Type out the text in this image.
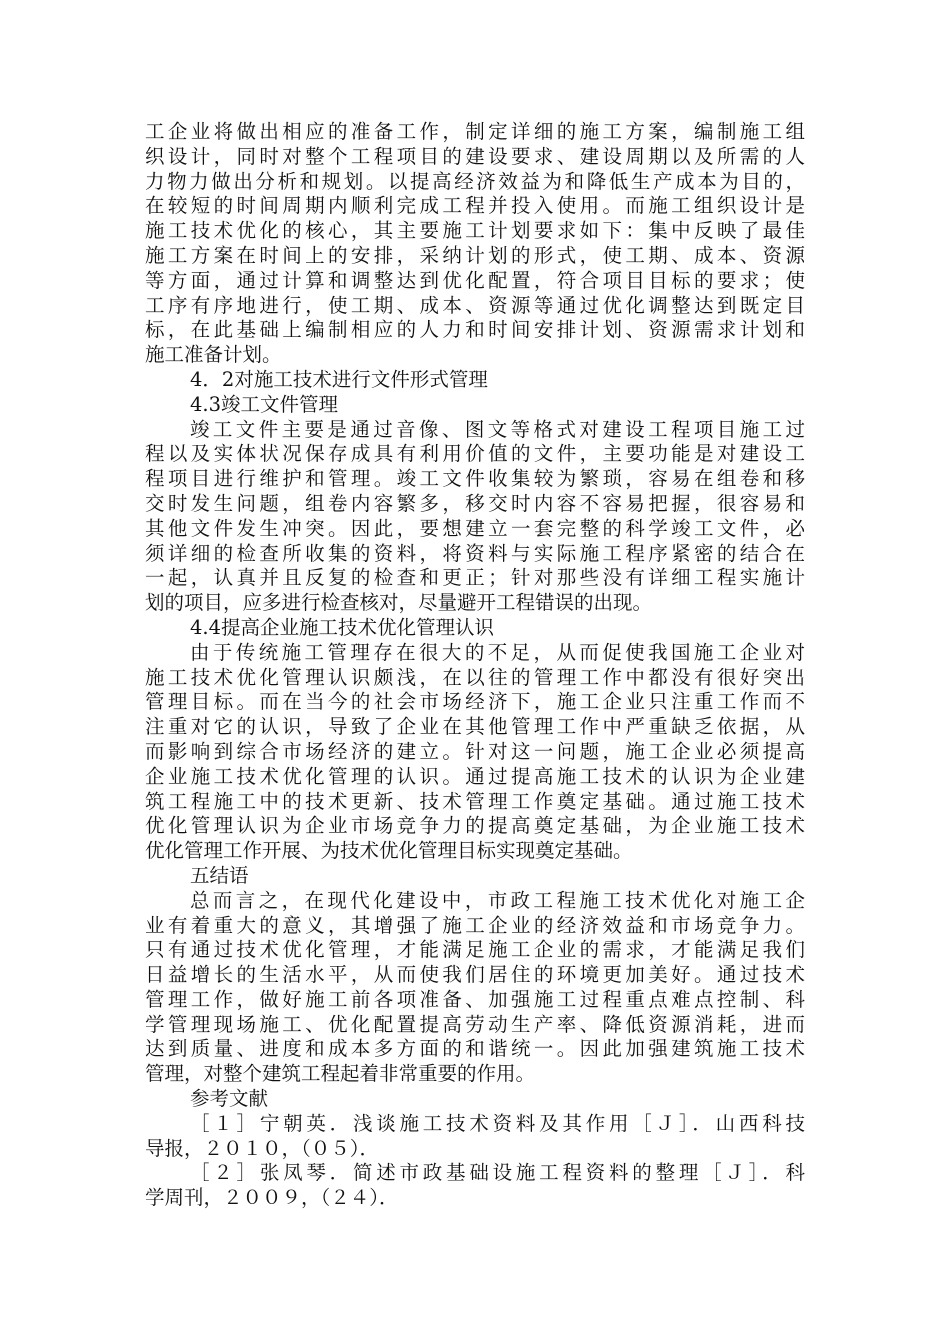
工企业将做出相应的准备工作，制定详细的施工方案，编制施工组
织设计，同时对整个工程项目的建设要求、建设周期以及所需的人
力物力做出分析和规划。以提高经济效益为和降低生产成本为目的，
在较短的时间周期内顺利完成工程并投入使用。而施工组织设计是
施工技术优化的核心，其主要施工计划要求如下：集中反映了最佳
施工方案在时间上的安排，采纳计划的形式，使工期、成本、资源
等方面，通过计算和调整达到优化配置，符合项目目标的要求；使
工序有序地进行，使工期、成本、资源等通过优化调整达到既定目
标，在此基础上编制相应的人力和时间安排计划、资源需求计划和
施工准备计划。
4．2对施工技术进行文件形式管理
4.3竣工文件管理
竣工文件主要是通过音像、图文等格式对建设工程项目施工过
程以及实体状况保存成具有利用价值的文件，主要功能是对建设工
程项目进行维护和管理。竣工文件收集较为繁琐，容易在组卷和移
交时发生问题，组卷内容繁多，移交时内容不容易把握，很容易和
其他文件发生冲突。因此，要想建立一套完整的科学竣工文件，必
须详细的检查所收集的资料，将资料与实际施工程序紧密的结合在
一起，认真并且反复的检查和更正；针对那些没有详细工程实施计
划的项目，应多进行检查核对，尽量避开工程错误的出现。
4.4提高企业施工技术优化管理认识
由于传统施工管理存在很大的不足，从而促使我国施工企业对
施工技术优化管理认识颇浅，在以往的管理工作中都没有很好突出
管理目标。而在当今的社会市场经济下，施工企业只注重工作而不
注重对它的认识，导致了企业在其他管理工作中严重缺乏依据，从
而影响到综合市场经济的建立。针对这一问题，施工企业必须提高
企业施工技术优化管理的认识。通过提高施工技术的认识为企业建
筑工程施工中的技术更新、技术管理工作奠定基础。通过施工技术
优化管理认识为企业市场竞争力的提高奠定基础，为企业施工技术
优化管理工作开展、为技术优化管理目标实现奠定基础。
五结语
总而言之，在现代化建设中，市政工程施工技术优化对施工企
业有着重大的意义，其增强了施工企业的经济效益和市场竞争力。
只有通过技术优化管理，才能满足施工企业的需求，才能满足我们
日益增长的生活水平，从而使我们居住的环境更加美好。通过技术
管理工作，做好施工前各项准备、加强施工过程重点难点控制、科
学管理现场施工、优化配置提高劳动生产率、降低资源消耗，进而
达到质量、进度和成本多方面的和谐统一。因此加强建筑施工技术
管理，对整个建筑工程起着非常重要的作用。
参考文献
［１］宁朝英．浅谈施工技术资料及其作用［Ｊ］．山西科技
导报，２０１０，（０５）．
［２］张凤琴．简述市政基础设施工程资料的整理［Ｊ］．科
学周刊，２００９，（２４）．
